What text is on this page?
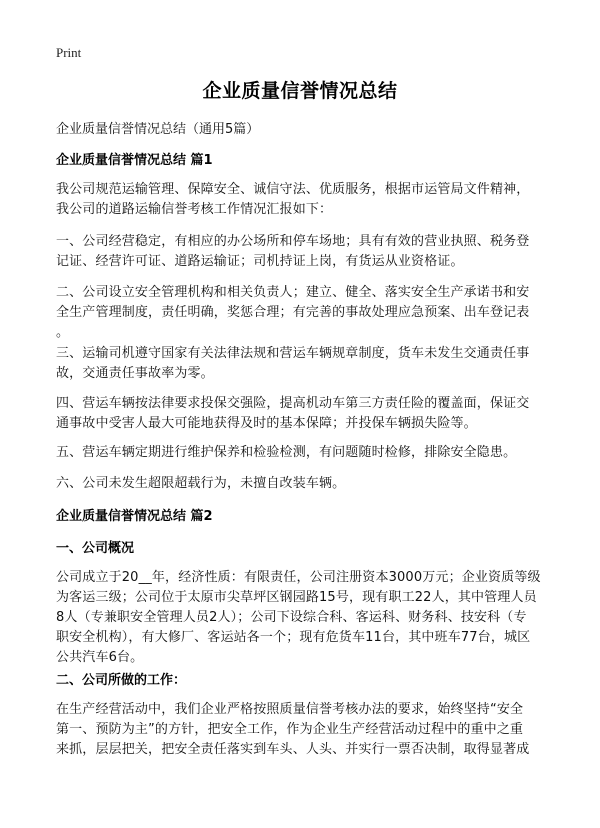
Print
企业质量信誉情况总结
企业质量信誉情况总结（通用5篇）
企业质量信誉情况总结 篇1
我公司规范运输管理、保障安全、诚信守法、优质服务，根据市运管局文件精神，
我公司的道路运输信誉考核工作情况汇报如下：
一、公司经营稳定，有相应的办公场所和停车场地；具有有效的营业执照、税务登
记证、经营许可证、道路运输证；司机持证上岗，有货运从业资格证。
二、公司设立安全管理机构和相关负责人；建立、健全、落实安全生产承诺书和安
全生产管理制度，责任明确，奖惩合理；有完善的事故处理应急预案、出车登记表
。
三、运输司机遵守国家有关法律法规和营运车辆规章制度，货车未发生交通责任事
故，交通责任事故率为零。
四、营运车辆按法律要求投保交强险，提高机动车第三方责任险的覆盖面，保证交
通事故中受害人最大可能地获得及时的基本保障；并投保车辆损失险等。
五、营运车辆定期进行维护保养和检验检测，有问题随时检修，排除安全隐患。
六、公司未发生超限超载行为，未擅自改装车辆。
企业质量信誉情况总结 篇2
一、公司概况
公司成立于20__年，经济性质：有限责任，公司注册资本3000万元；企业资质等级
为客运三级；公司位于太原市尖草坪区钢园路15号，现有职工22人，其中管理人员
8人（专兼职安全管理人员2人）；公司下设综合科、客运科、财务科、技安科（专
职安全机构），有大修厂、客运站各一个；现有危货车11台，其中班车77台，城区
公共汽车6台。
二、公司所做的工作：
在生产经营活动中，我们企业严格按照质量信誉考核办法的要求，始终坚持“安全
第一、预防为主”的方针，把安全工作，作为企业生产经营活动过程中的重中之重
来抓，层层把关，把安全责任落实到车头、人头、并实行一票否决制，取得显著成
